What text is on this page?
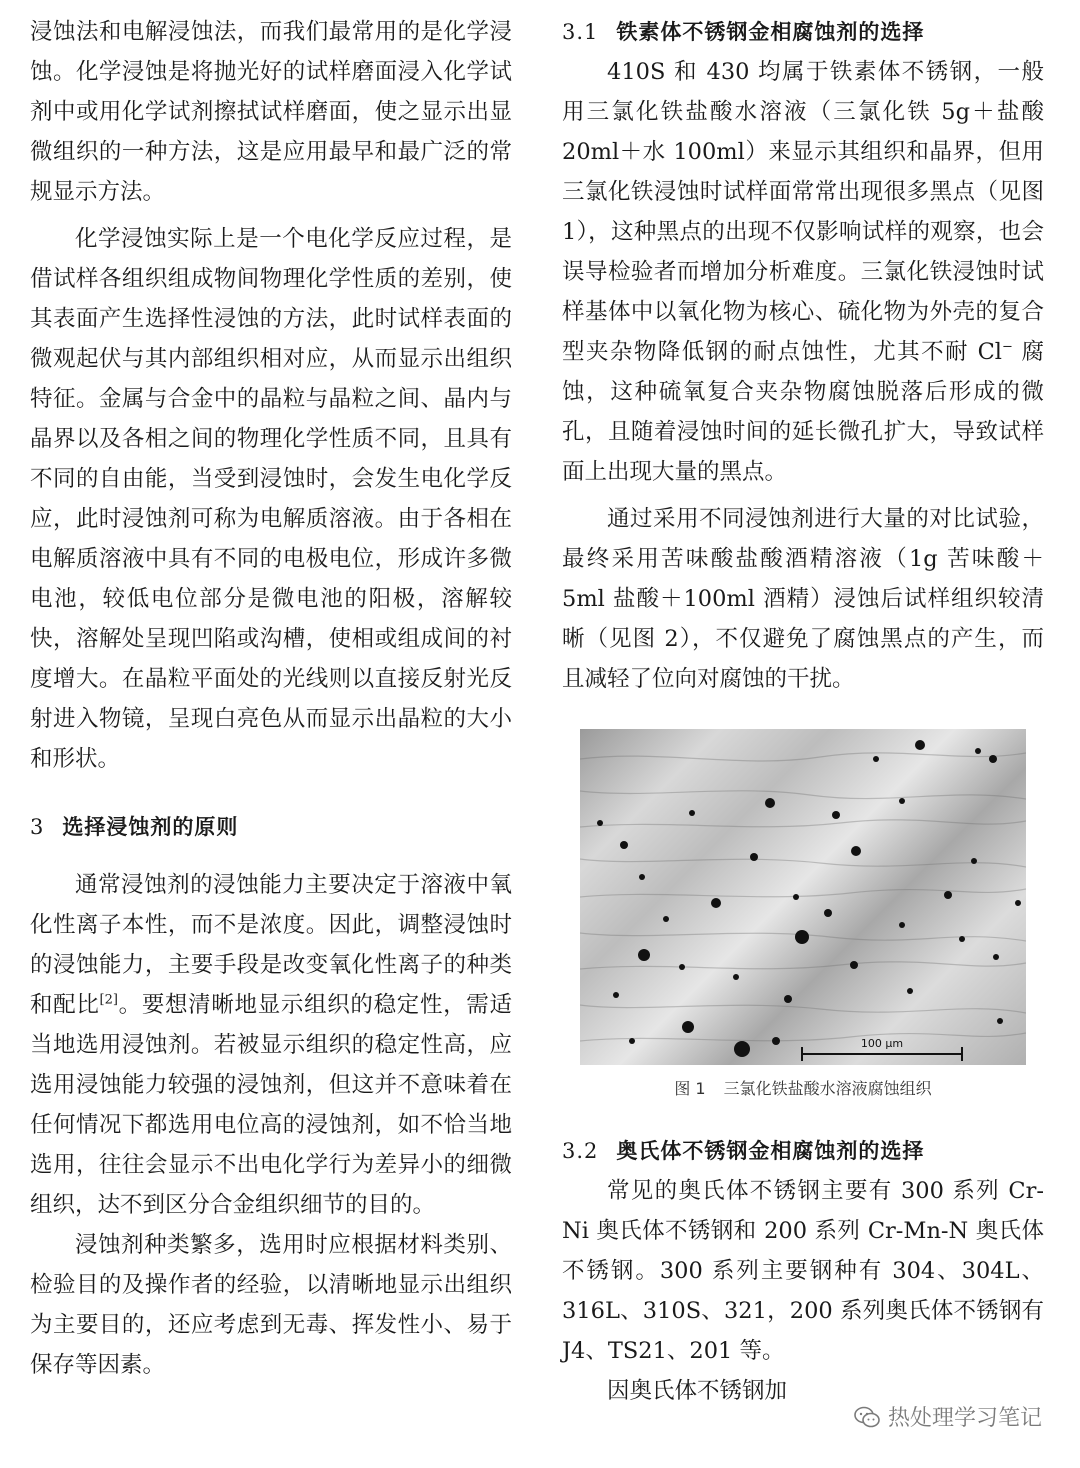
浸蚀法和电解浸蚀法，而我们最常用的是化学浸蚀。化学浸蚀是将抛光好的试样磨面浸入化学试剂中或用化学试剂擦拭试样磨面，使之显示出显微组织的一种方法，这是应用最早和最广泛的常规显示方法。

化学浸蚀实际上是一个电化学反应过程，是借试样各组织组成物间物理化学性质的差别，使其表面产生选择性浸蚀的方法，此时试样表面的微观起伏与其内部组织相对应，从而显示出组织特征。金属与合金中的晶粒与晶粒之间、晶内与晶界以及各相之间的物理化学性质不同，且具有不同的自由能，当受到浸蚀时，会发生电化学反应，此时浸蚀剂可称为电解质溶液。由于各相在电解质溶液中具有不同的电极电位，形成许多微电池，较低电位部分是微电池的阳极，溶解较快，溶解处呈现凹陷或沟槽，使相或组成间的衬度增大。在晶粒平面处的光线则以直接反射光反射进入物镜，呈现白亮色从而显示出晶粒的大小和形状。

3 选择浸蚀剂的原则

通常浸蚀剂的浸蚀能力主要决定于溶液中氧化性离子本性，而不是浓度。因此，调整浸蚀时的浸蚀能力，主要手段是改变氧化性离子的种类和配比[2]。要想清晰地显示组织的稳定性，需适当地选用浸蚀剂。若被显示组织的稳定性高，应选用浸蚀能力较强的浸蚀剂，但这并不意味着在任何情况下都选用电位高的浸蚀剂，如不恰当地选用，往往会显示不出电化学行为差异小的细微组织，达不到区分合金组织细节的目的。

浸蚀剂种类繁多，选用时应根据材料类别、检验目的及操作者的经验，以清晰地显示出组织为主要目的，还应考虑到无毒、挥发性小、易于保存等因素。

3.1 铁素体不锈钢金相腐蚀剂的选择

410S 和 430 均属于铁素体不锈钢，一般用三氯化铁盐酸水溶液（三氯化铁 5g＋盐酸 20ml＋水 100ml）来显示其组织和晶界，但用三氯化铁浸蚀时试样面常常出现很多黑点（见图 1），这种黑点的出现不仅影响试样的观察，也会误导检验者而增加分析难度。三氯化铁浸蚀时试样基体中以氧化物为核心、硫化物为外壳的复合型夹杂物降低钢的耐点蚀性，尤其不耐 Cl− 腐蚀，这种硫氧复合夹杂物腐蚀脱落后形成的微孔，且随着浸蚀时间的延长微孔扩大，导致试样面上出现大量的黑点。

通过采用不同浸蚀剂进行大量的对比试验，最终采用苦味酸盐酸酒精溶液（1g 苦味酸＋5ml 盐酸＋100ml 酒精）浸蚀后试样组织较清晰（见图 2），不仅避免了腐蚀黑点的产生，而且减轻了位向对腐蚀的干扰。

100 μm

图 1 三氯化铁盐酸水溶液腐蚀组织

3.2 奥氏体不锈钢金相腐蚀剂的选择

常见的奥氏体不锈钢主要有 300 系列 Cr-Ni 奥氏体不锈钢和 200 系列 Cr-Mn-N 奥氏体不锈钢。300 系列主要钢种有 304、304L、316L、310S、321，200 系列奥氏体不锈钢有 J4、TS21、201 等。

因奥氏体不锈钢加

热处理学习笔记
